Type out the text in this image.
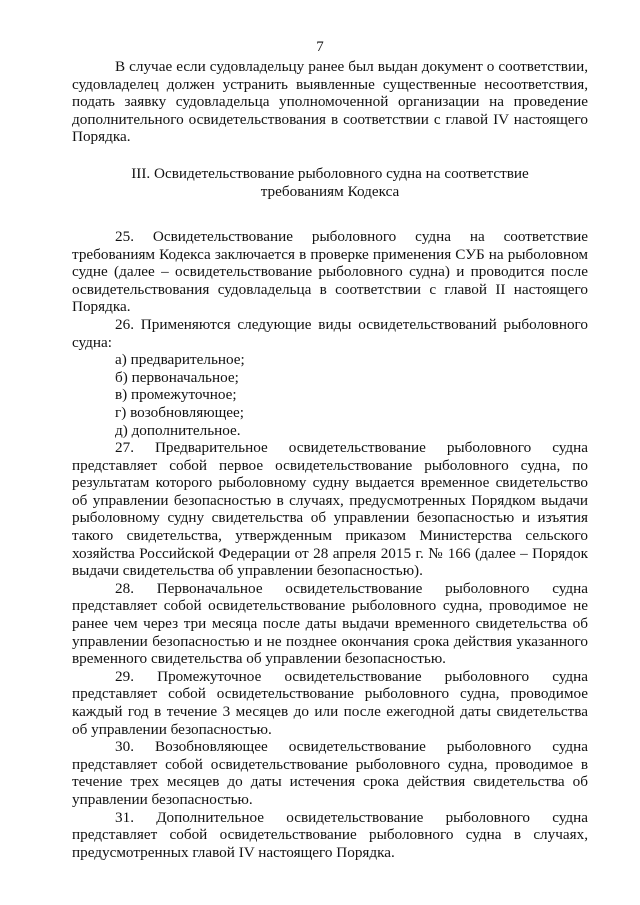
7

В случае если судовладельцу ранее был выдан документ о соответствии, судовладелец должен устранить выявленные существенные несоответствия, подать заявку судовладельца уполномоченной организации на проведение дополнительного освидетельствования в соответствии с главой IV настоящего Порядка.

III. Освидетельствование рыболовного судна на соответствие
требованиям Кодекса

25. Освидетельствование рыболовного судна на соответствие требованиям Кодекса заключается в проверке применения СУБ на рыболовном судне (далее – освидетельствование рыболовного судна) и проводится после освидетельствования судовладельца в соответствии с главой II настоящего Порядка.

26. Применяются следующие виды освидетельствований рыболовного судна:

а) предварительное;

б) первоначальное;

в) промежуточное;

г) возобновляющее;

д) дополнительное.

27. Предварительное освидетельствование рыболовного судна представляет собой первое освидетельствование рыболовного судна, по результатам которого рыболовному судну выдается временное свидетельство об управлении безопасностью в случаях, предусмотренных Порядком выдачи рыболовному судну свидетельства об управлении безопасностью и изъятия такого свидетельства, утвержденным приказом Министерства сельского хозяйства Российской Федерации от 28 апреля 2015 г. № 166 (далее – Порядок выдачи свидетельства об управлении безопасностью).

28. Первоначальное освидетельствование рыболовного судна представляет собой освидетельствование рыболовного судна, проводимое не ранее чем через три месяца после даты выдачи временного свидетельства об управлении безопасностью и не позднее окончания срока действия указанного временного свидетельства об управлении безопасностью.

29. Промежуточное освидетельствование рыболовного судна представляет собой освидетельствование рыболовного судна, проводимое каждый год в течение 3 месяцев до или после ежегодной даты свидетельства об управлении безопасностью.

30. Возобновляющее освидетельствование рыболовного судна представляет собой освидетельствование рыболовного судна, проводимое в течение трех месяцев до даты истечения срока действия свидетельства об управлении безопасностью.

31. Дополнительное освидетельствование рыболовного судна представляет собой освидетельствование рыболовного судна в случаях, предусмотренных главой IV настоящего Порядка.
